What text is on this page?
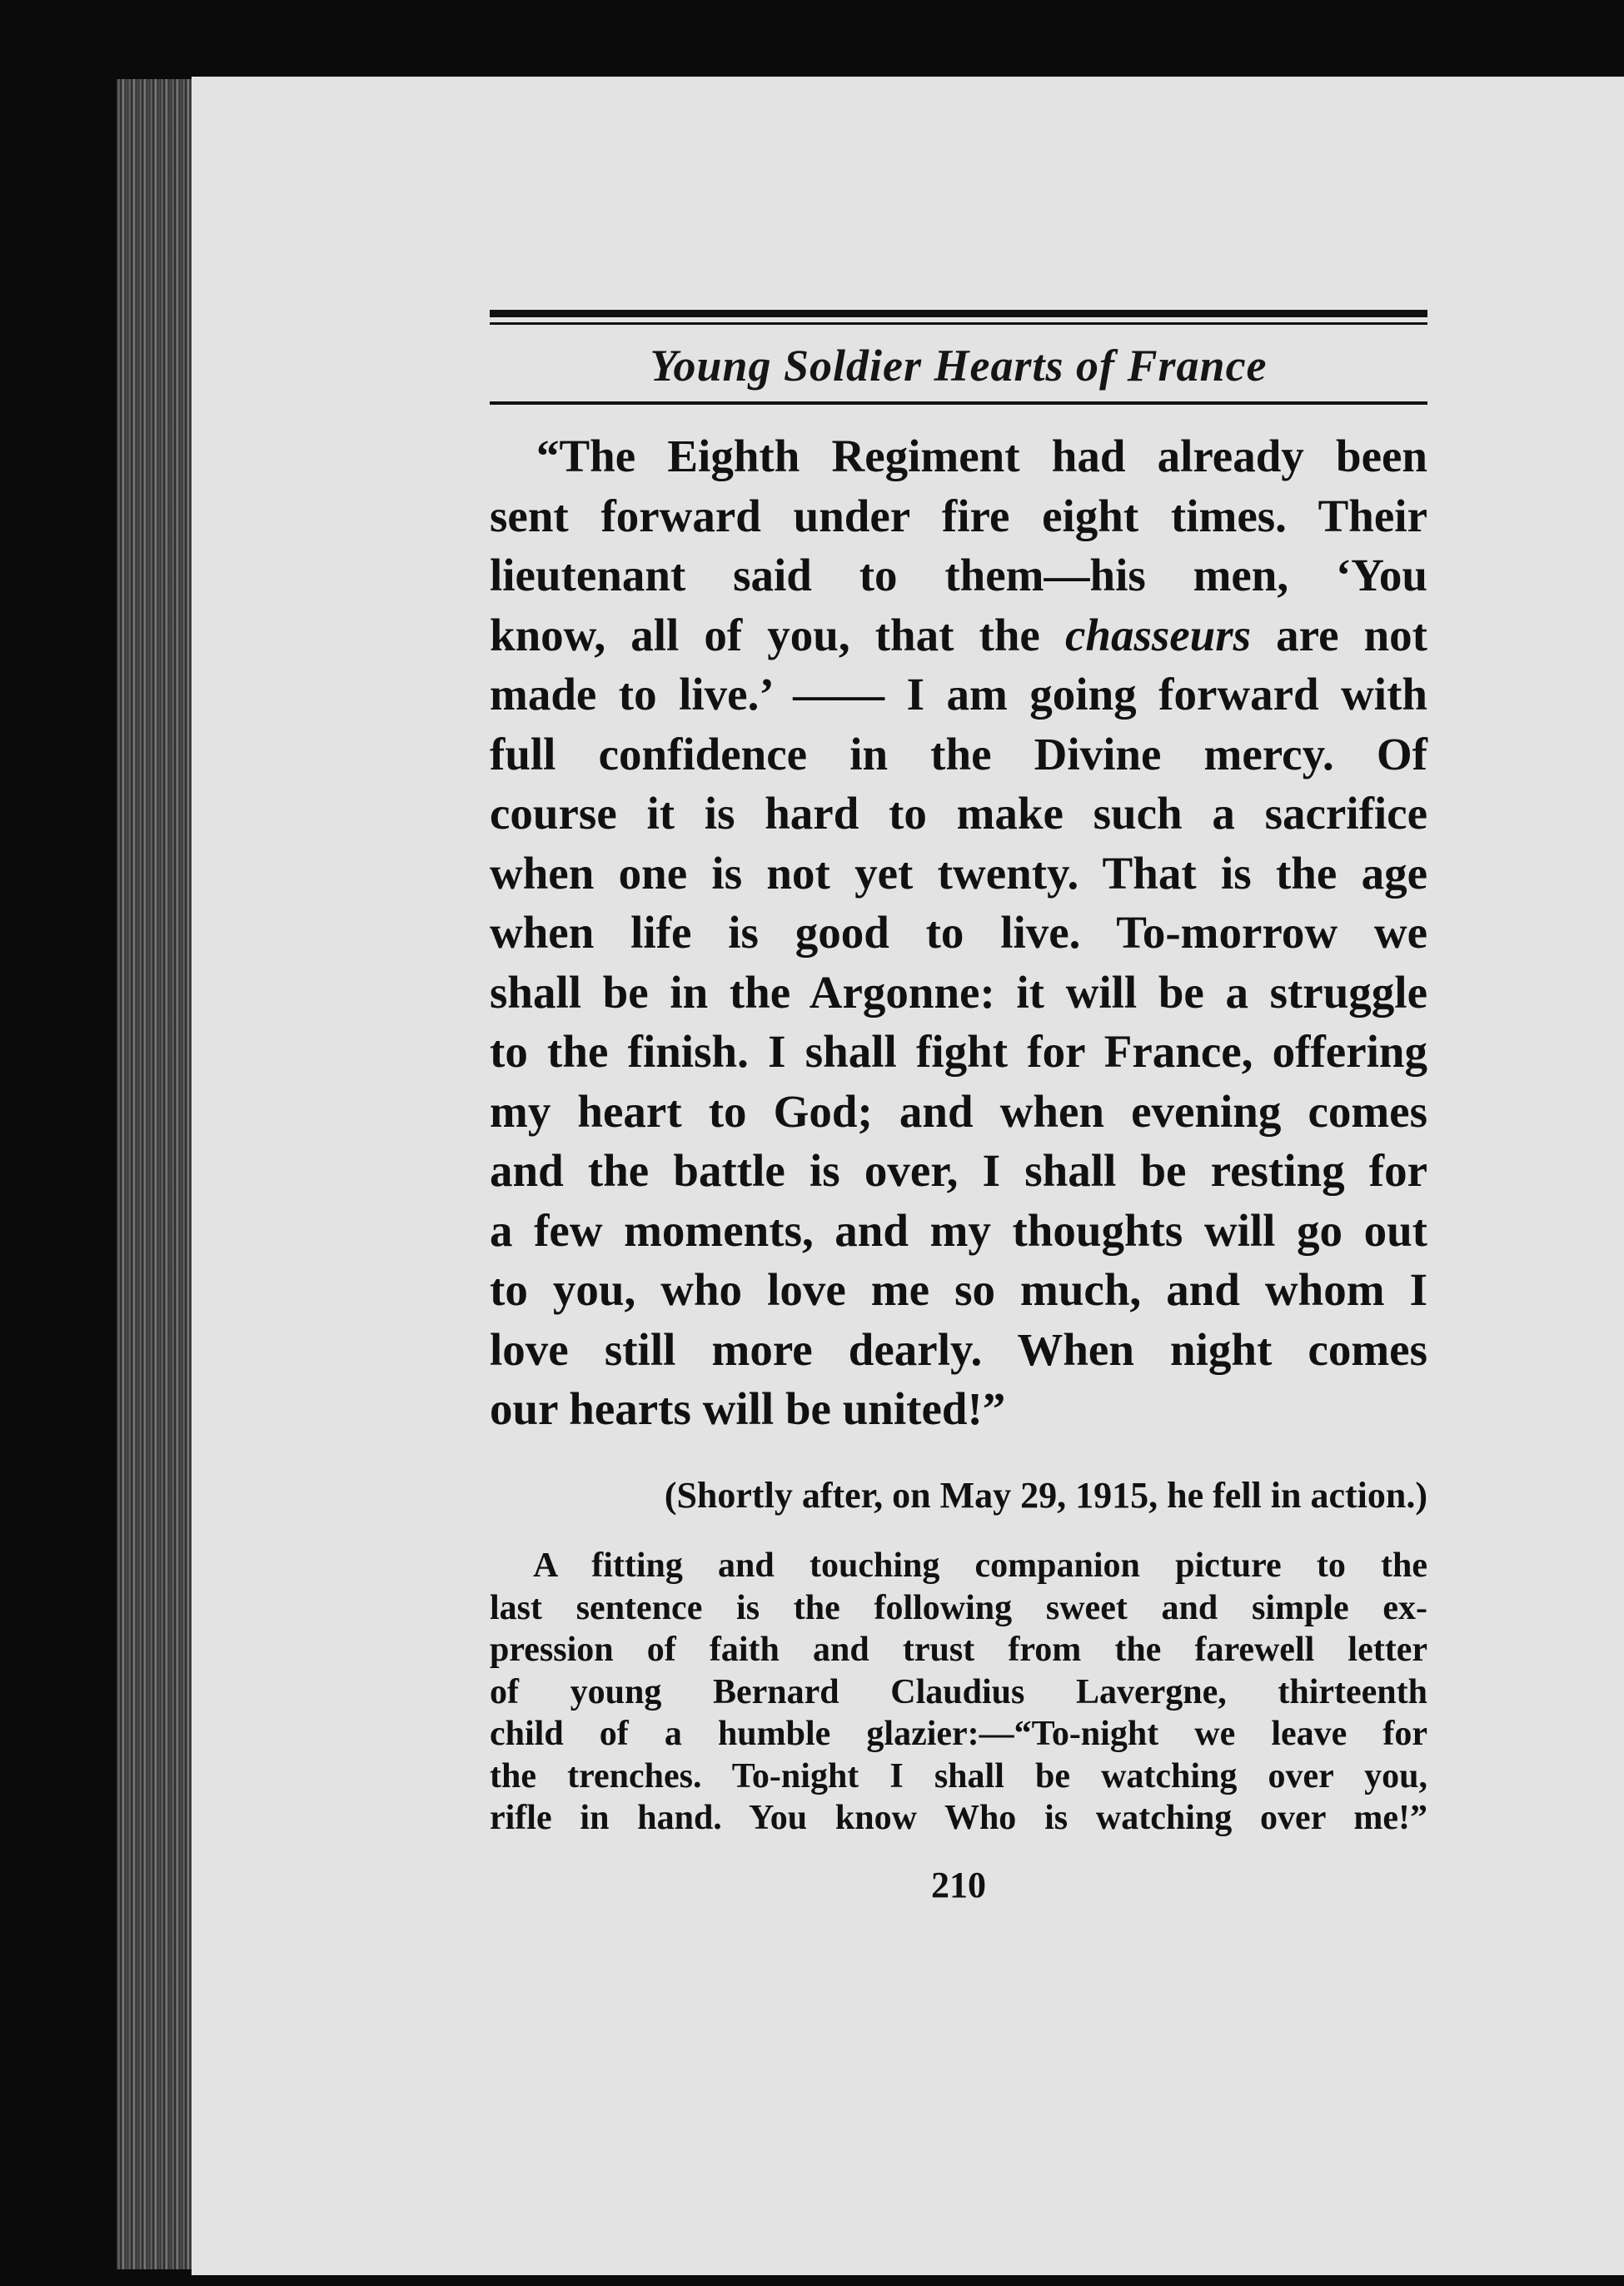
Young Soldier Hearts of France
“The Eighth Regiment had already been
sent forward under fire eight times. Their
lieutenant said to them—his men, ‘You
know, all of you, that the chasseurs are not
made to live.’ —— I am going forward with
full confidence in the Divine mercy. Of
course it is hard to make such a sacrifice
when one is not yet twenty. That is the age
when life is good to live. To-morrow we
shall be in the Argonne: it will be a struggle
to the finish. I shall fight for France, offering
my heart to God; and when evening comes
and the battle is over, I shall be resting for
a few moments, and my thoughts will go out
to you, who love me so much, and whom I
love still more dearly. When night comes
our hearts will be united!”
(Shortly after, on May 29, 1915, he fell in action.)
A fitting and touching companion picture to the
last sentence is the following sweet and simple ex-
pression of faith and trust from the farewell letter
of young Bernard Claudius Lavergne, thirteenth
child of a humble glazier:—“To-night we leave for
the trenches. To-night I shall be watching over you,
rifle in hand. You know Who is watching over me!”
210
